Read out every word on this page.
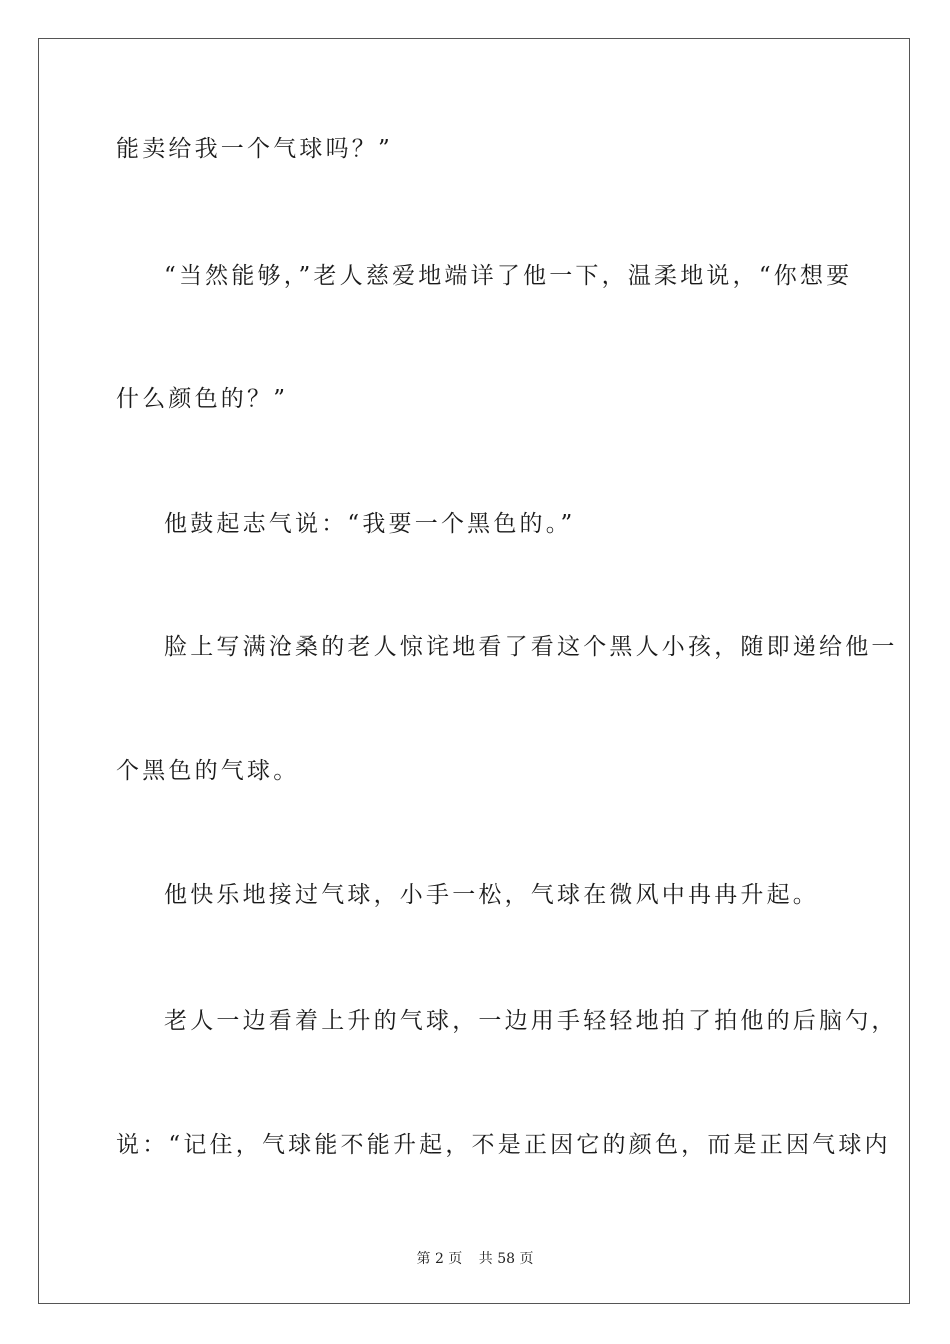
能卖给我一个气球吗？”
“当然能够，”老人慈爱地端详了他一下，温柔地说，“你想要
什么颜色的？”
他鼓起志气说：“我要一个黑色的。”
脸上写满沧桑的老人惊诧地看了看这个黑人小孩，随即递给他一
个黑色的气球。
他快乐地接过气球，小手一松，气球在微风中冉冉升起。
老人一边看着上升的气球，一边用手轻轻地拍了拍他的后脑勺，
说：“记住，气球能不能升起，不是正因它的颜色，而是正因气球内
第 2 页 共 58 页
